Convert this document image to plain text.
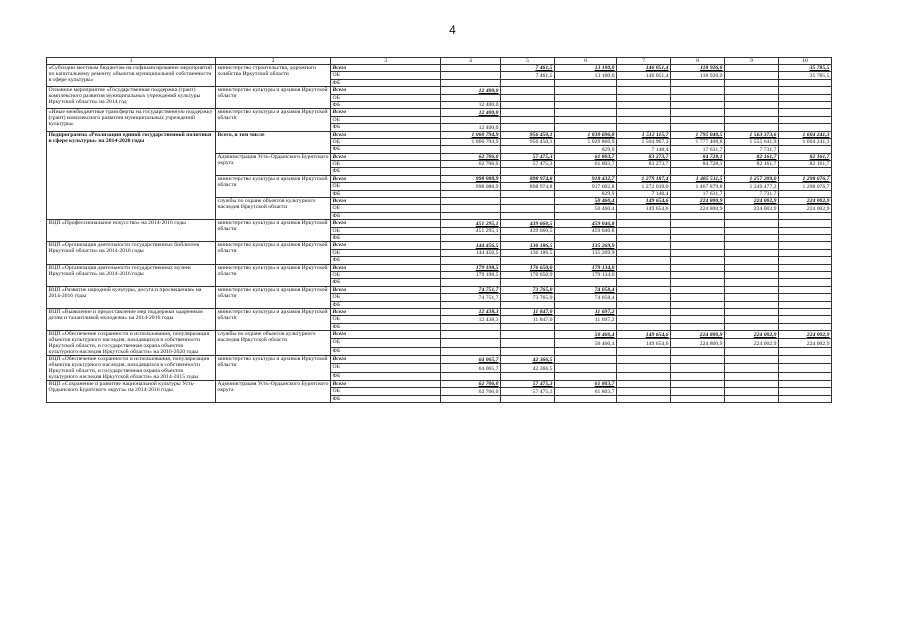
4
1	2	3	4	5	6	7	8	9	10
«Субсидии местным бюджетам на софинансирование мероприятий по капитальному ремонту объектов муниципальной собственности в сфере культуры»	министерство строительства, дорожного хозяйства Иркутской области	Всего		7 461,5	13 100,0	146 051,4	118 926,0		35 785,5
		ОБ		7 461,5	13 100,0	146 051,4	118 926,0		35 785,5
		ФБ							
Основное мероприятие «Государственная поддержка (грант) комплексного развития муниципальных учреждений культуры Иркутской области» на 2014 год	министерство культуры и архивов Иркутской области	Всего	12 400,0						
		ОБ							
		ФБ	12 400,0						
«Иные межбюджетные трансферты на государственную поддержку (грант) комплексного развития муниципальных учреждений культуры»	министерство культуры и архивов Иркутской области	Всего	12 400,0						
		ОБ							
		ФБ	12 400,0						
Подпрограмма «Реализация единой государственной политики в сфере культуры» на 2014-2020 годы	Всего, в том числе	Всего	1 060 794,9	956 450,1	1 030 696,8	1 512 115,7	1 795 040,5	1 563 373,6	1 604 241,3
		ОБ	1 060 794,9	956 450,1	1 029 866,9	1 504 967,3	1 777 408,8	1 555 641,9	1 604 241,3
		ФБ			829,9	7 148,4	17 631,7	7 731,7	
	Администрация Усть-Ордынского Бурятского округа	Всего	62 706,0	57 475,3	61 803,7	83 273,7	84 728,1	82 161,7	82 161,7
		ОБ	62 706,0	57 475,3	61 803,7	83 273,7	84 728,1	82 161,7	82 161,7
		ФБ							
	министерство культуры и архивов Иркутской области	Всего	998 088,9	898 974,8	918 432,7	1 279 187,4	1 485 511,5	1 257 209,0	1 298 076,7
		ОБ	998 088,9	898 974,8	917 602,8	1 272 039,0	1 467 879,8	1 249 477,3	1 298 076,7
		ФБ			829,9	7 148,4	17 631,7	7 731,7	
	службы по охране объектов культурного наследия Иркутской области	Всего			50 460,4	149 654,6	224 800,9	224 002,9	224 002,9
		ОБ			50 460,4	149 654,6	224 800,9	224 002,9	224 002,9
		ФБ							
ВЦП «Профессиональное искусство» на 2014-2016 годы	министерство культуры и архивов Иркутской области	Всего	451 295,1	439 660,5	459 046,8				
		ОБ	451 295,1	439 660,5	459 046,8				
		ФБ							
ВЦП «Организация деятельности государственных библиотек Иркутской области» на 2014-2016 годы	министерство культуры и архивов Иркутской области	Всего	144 456,5	136 186,5	135 269,9				
		ОБ	144 456,5	136 186,5	135 269,9				
		ФБ							
ВЦП «Организация деятельности государственных музеев Иркутской области» на 2014-2016 годы	министерство культуры и архивов Иркутской области	Всего	179 198,5	176 650,0	179 134,0				
		ОБ	179 198,5	176 650,0	179 134,0				
		ФБ							
ВЦП «Развитие народной культуры, досуга и просвещения» на 2014-2016 годы	министерство культуры и архивов Иркутской области	Всего	74 751,7	73 765,0	74 058,4				
		ОБ	74 751,7	73 765,0	74 058,4				
		ФБ							
ВЦП «Выявление и предоставление мер поддержки одаренным детям и талантливой молодежи» на 2014-2016 годы	министерство культуры и архивов Иркутской области	Всего	12 438,3	11 847,0	11 697,2				
		ОБ	12 438,3	11 847,0	11 697,2				
		ФБ							
ВЦП «Обеспечение сохранности и использования, популяризация объектов культурного наследия, находящихся в собственности Иркутской области, и государственная охрана объектов культурного наследия Иркутской области» на 2016-2020 годы	службы по охране объектов культурного наследия Иркутской области	Всего			50 460,4	149 654,6	224 800,9	224 002,9	224 002,9
		ОБ			50 460,4	149 654,6	224 800,9	224 002,9	224 002,9
		ФБ							
ВЦП «Обеспечение сохранности и использования, популяризация объектов культурного наследия, находящихся в собственности Иркутской области, и государственная охрана объектов культурного наследия Иркутской области» на 2014-2015 годы	министерство культуры и архивов Иркутской области	Всего	64 065,7	42 366,5					
		ОБ	64 065,7	42 366,5					
		ФБ							
ВЦП «Сохранение и развитие национальной культуры Усть-Ордынского Бурятского округа» на 2014-2016 годы	Администрация Усть-Ордынского Бурятского округа	Всего	62 706,0	57 475,3	61 803,7				
		ОБ	62 706,0	57 475,3	61 803,7				
		ФБ							
